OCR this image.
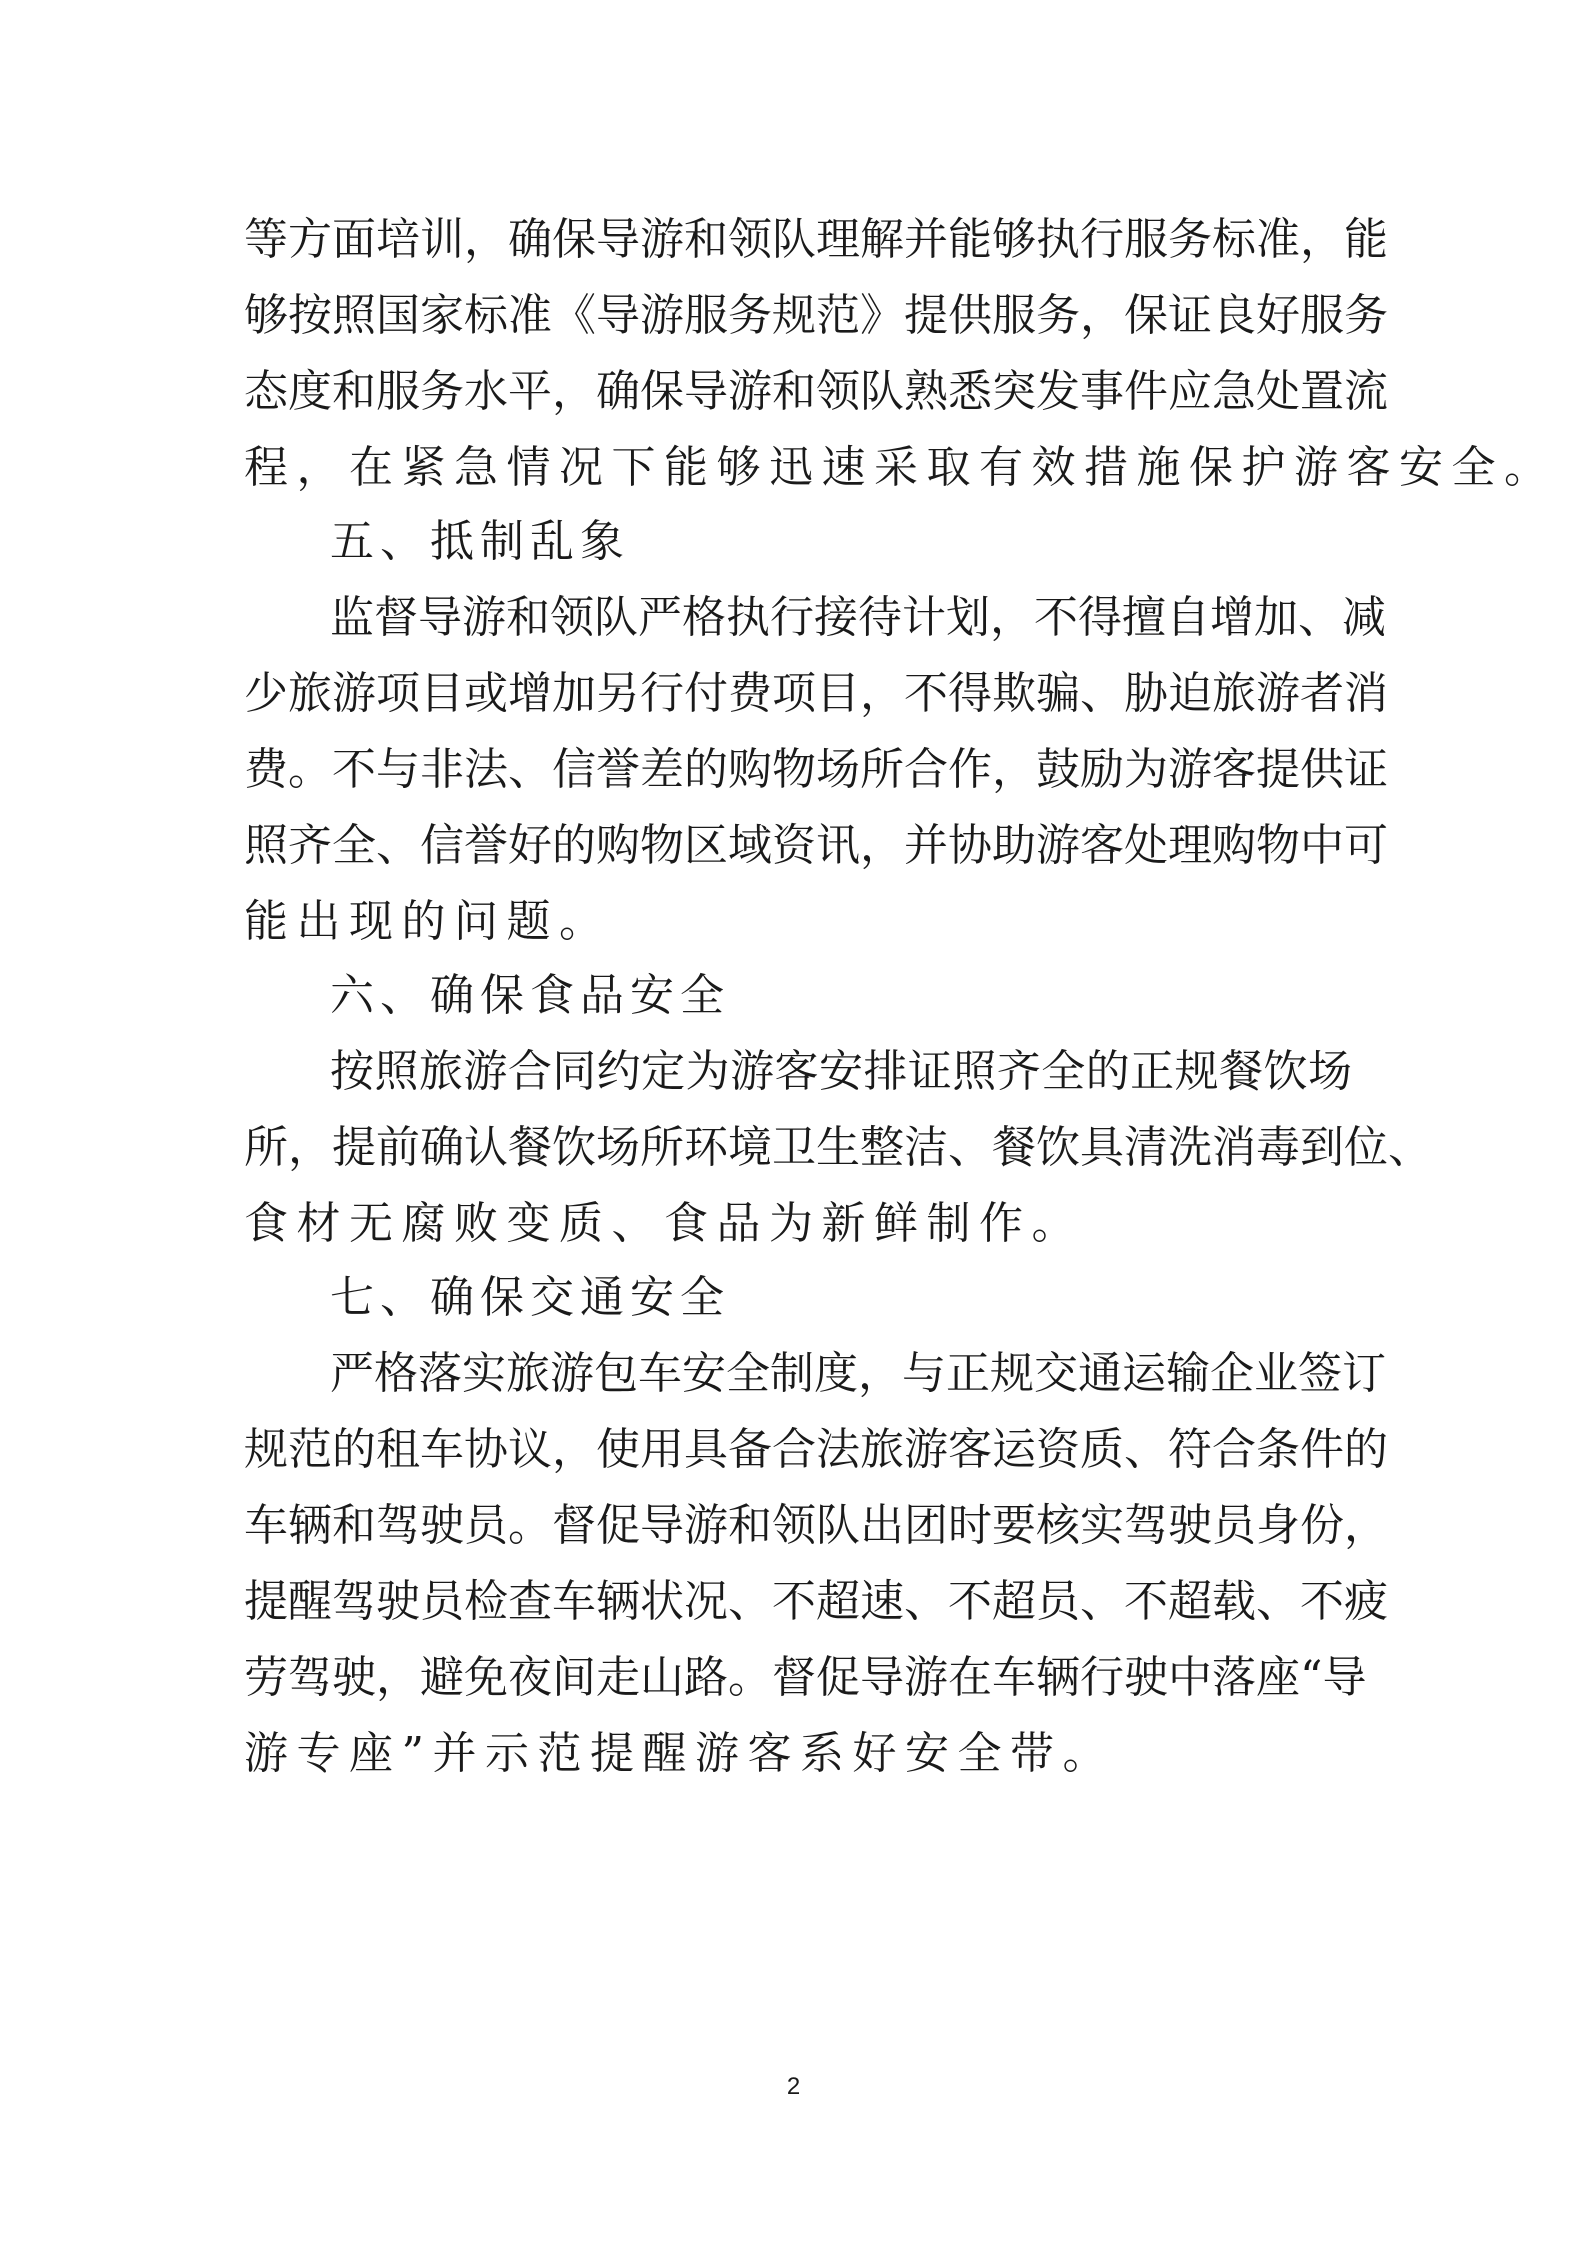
等方面培训，确保导游和领队理解并能够执行服务标准，能
够按照国家标准《导游服务规范》提供服务，保证良好服务
态度和服务水平，确保导游和领队熟悉突发事件应急处置流
程，在紧急情况下能够迅速采取有效措施保护游客安全。
五、抵制乱象
监督导游和领队严格执行接待计划，不得擅自增加、减
少旅游项目或增加另行付费项目，不得欺骗、胁迫旅游者消
费。不与非法、信誉差的购物场所合作，鼓励为游客提供证
照齐全、信誉好的购物区域资讯，并协助游客处理购物中可
能出现的问题。
六、确保食品安全
按照旅游合同约定为游客安排证照齐全的正规餐饮场
所，提前确认餐饮场所环境卫生整洁、餐饮具清洗消毒到位、
食材无腐败变质、食品为新鲜制作。
七、确保交通安全
严格落实旅游包车安全制度，与正规交通运输企业签订
规范的租车协议，使用具备合法旅游客运资质、符合条件的
车辆和驾驶员。督促导游和领队出团时要核实驾驶员身份，
提醒驾驶员检查车辆状况、不超速、不超员、不超载、不疲
劳驾驶，避免夜间走山路。督促导游在车辆行驶中落座“导
游专座”并示范提醒游客系好安全带。
2
